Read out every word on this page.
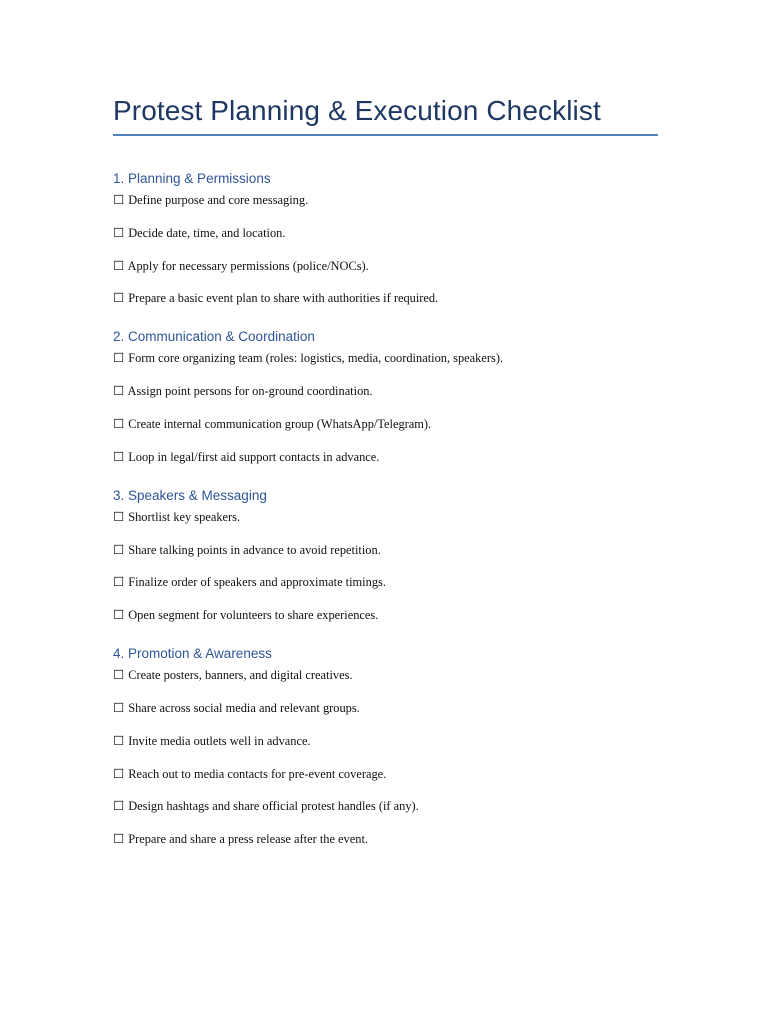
Protest Planning & Execution Checklist
1. Planning & Permissions
☐ Define purpose and core messaging.
☐ Decide date, time, and location.
☐ Apply for necessary permissions (police/NOCs).
☐ Prepare a basic event plan to share with authorities if required.
2. Communication & Coordination
☐ Form core organizing team (roles: logistics, media, coordination, speakers).
☐ Assign point persons for on-ground coordination.
☐ Create internal communication group (WhatsApp/Telegram).
☐ Loop in legal/first aid support contacts in advance.
3. Speakers & Messaging
☐ Shortlist key speakers.
☐ Share talking points in advance to avoid repetition.
☐ Finalize order of speakers and approximate timings.
☐ Open segment for volunteers to share experiences.
4. Promotion & Awareness
☐ Create posters, banners, and digital creatives.
☐ Share across social media and relevant groups.
☐ Invite media outlets well in advance.
☐ Reach out to media contacts for pre-event coverage.
☐ Design hashtags and share official protest handles (if any).
☐ Prepare and share a press release after the event.
